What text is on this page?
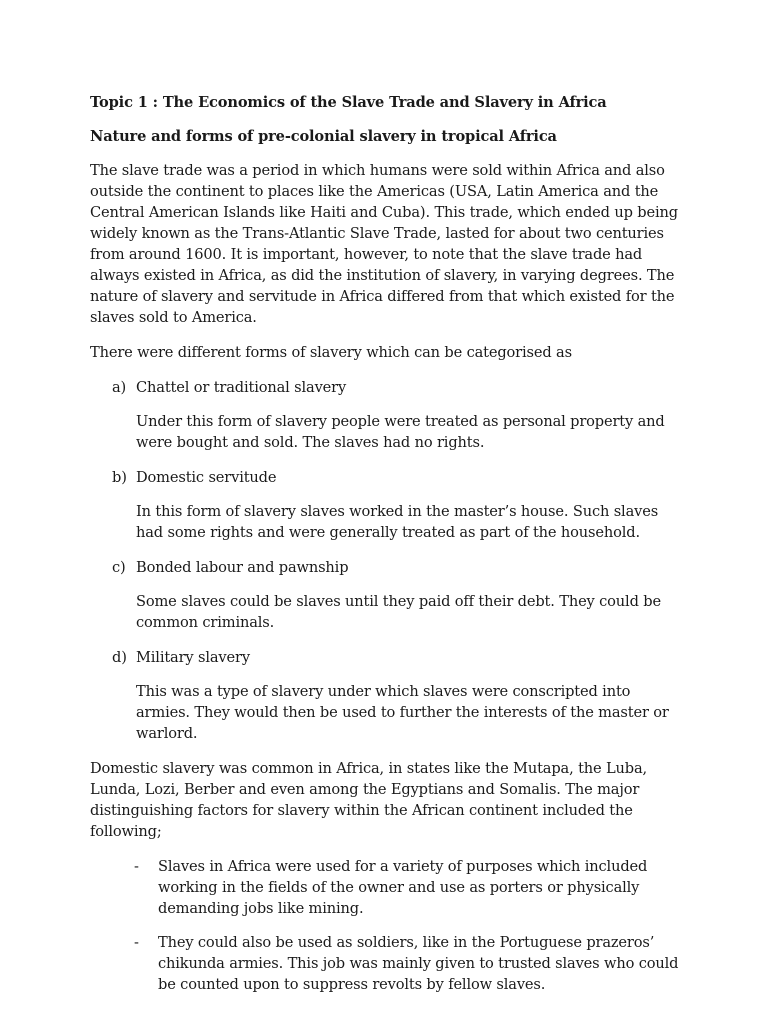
Topic 1 : The Economics of the Slave Trade and Slavery in Africa

Nature and forms of pre-colonial slavery in tropical Africa

The slave trade was a period in which humans were sold within Africa and also outside the continent to places like the Americas (USA, Latin America and the Central American Islands like Haiti and Cuba). This trade, which ended up being widely known as the Trans-Atlantic Slave Trade, lasted for about two centuries from around 1600. It is important, however, to note that the slave trade had always existed in Africa, as did the institution of slavery, in varying degrees. The nature of slavery and servitude in Africa differed from that which existed for the slaves sold to America.

There were different forms of slavery which can be categorised as

a) Chattel or traditional slavery
Under this form of slavery people were treated as personal property and were bought and sold. The slaves had no rights.
b) Domestic servitude
In this form of slavery slaves worked in the master’s house. Such slaves had some rights and were generally treated as part of the household.
c) Bonded labour and pawnship
Some slaves could be slaves until they paid off their debt. They could be common criminals.
d) Military slavery
This was a type of slavery under which slaves were conscripted into armies. They would then be used to further the interests of the master or warlord.

Domestic slavery was common in Africa, in states like the Mutapa, the Luba, Lunda, Lozi, Berber and even among the Egyptians and Somalis. The major distinguishing factors for slavery within the African continent included the following;

-	Slaves in Africa were used for a variety of purposes which included working in the fields of the owner and use as porters or physically demanding jobs like mining.
-	They could also be used as soldiers, like in the Portuguese prazeros’ chikunda armies. This job was mainly given to trusted slaves who could be counted upon to suppress revolts by fellow slaves.
